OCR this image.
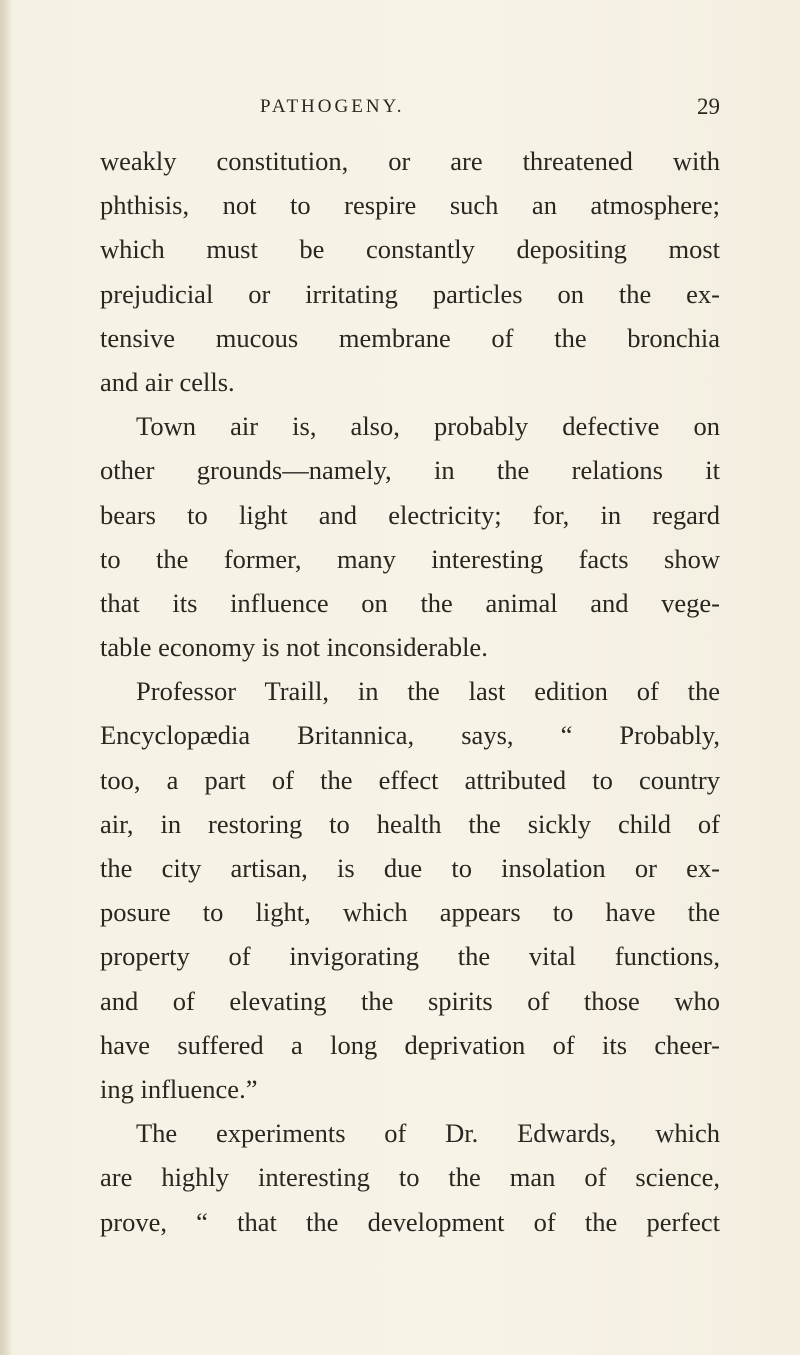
PATHOGENY.	29
weakly constitution, or are threatened with
phthisis, not to respire such an atmosphere;
which must be constantly depositing most
prejudicial or irritating particles on the ex-
tensive mucous membrane of the bronchia
and air cells.
Town air is, also, probably defective on
other grounds—namely, in the relations it
bears to light and electricity; for, in regard
to the former, many interesting facts show
that its influence on the animal and vege-
table economy is not inconsiderable.
Professor Traill, in the last edition of the
Encyclopædia Britannica, says, “ Probably,
too, a part of the effect attributed to country
air, in restoring to health the sickly child of
the city artisan, is due to insolation or ex-
posure to light, which appears to have the
property of invigorating the vital functions,
and of elevating the spirits of those who
have suffered a long deprivation of its cheer-
ing influence.”
The experiments of Dr. Edwards, which
are highly interesting to the man of science,
prove, “ that the development of the perfect
